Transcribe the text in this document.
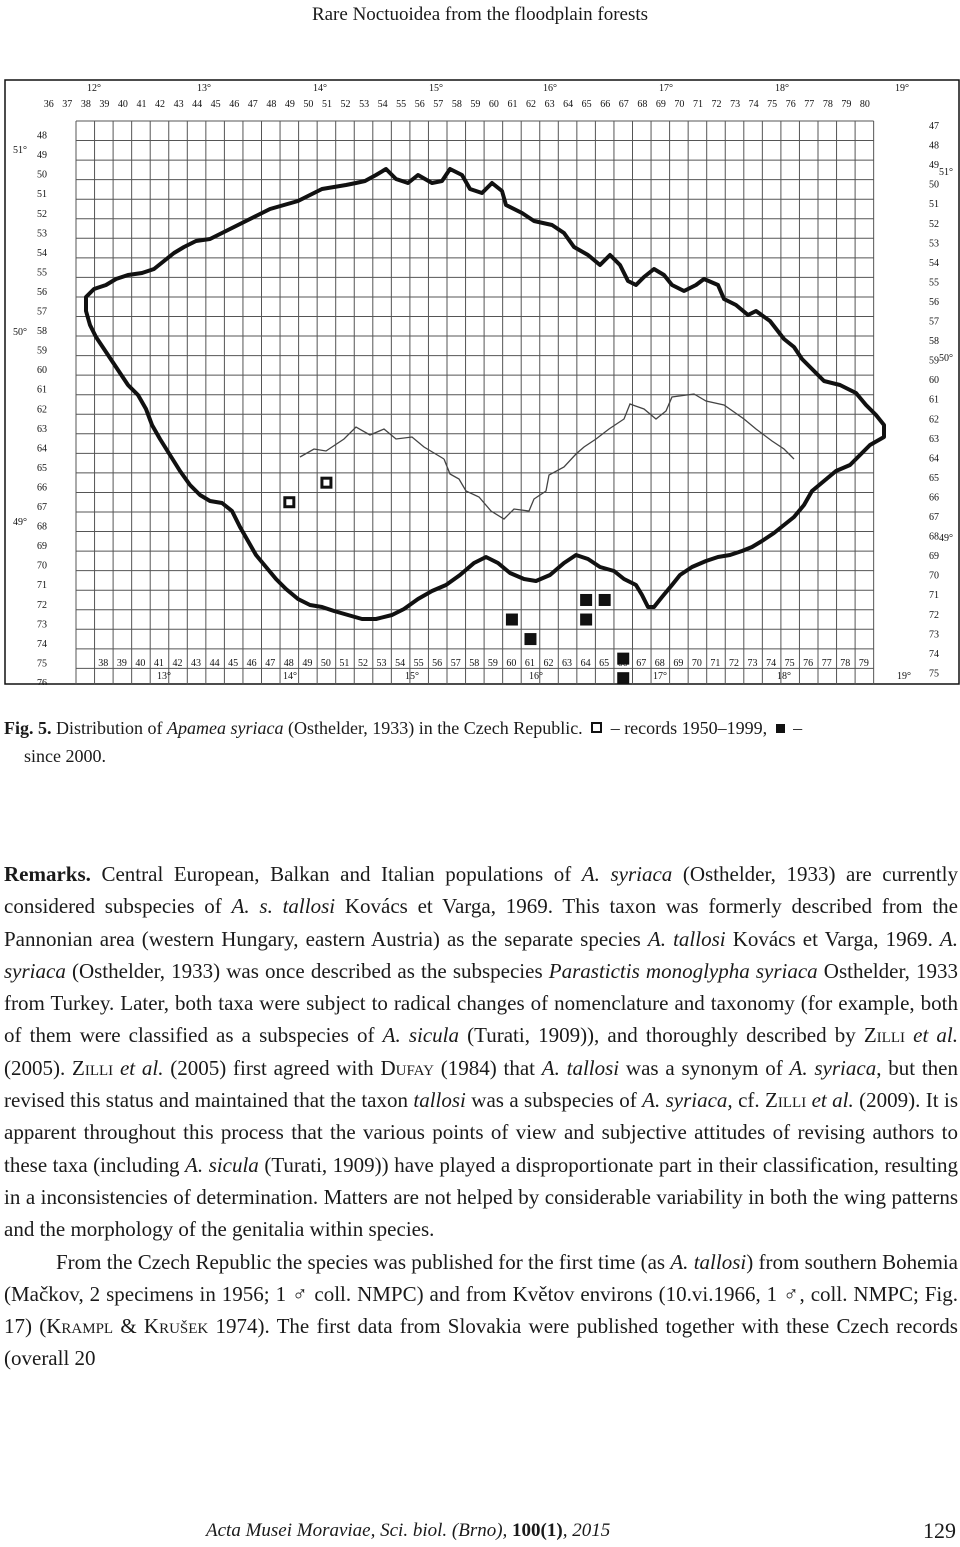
Rare Noctuoidea from the floodplain forests
36 37 38 39 40 41 42 43 44 45 46 47 48 49 50 51 52 53 54 55 56 57 58 59 60 61 62 63 64 65 66 67 68 69 70 71 72 73 74 75 76 77 78 79 80
38 39 40 41 42 43 44 45 46 47 48 49 50 51 52 53 54 55 56 57 58 59 60 61 62 63 64 65 66 67 68 69 70 71 72 73 74 75 76 77 78 79
48
49
50
51
52
53
54
55
56
57
58
59
60
61
62
63
64
65
66
67
68
69
70
71
72
73
74
75
76
47
48
49
50
51
52
53
54
55
56
57
58
59
60
61
62
63
64
65
66
67
68
69
70
71
72
73
74
75
12°	13°	14°	15°	16°	17°	18°	19°
13°	14°	15°	16°	17°	18°	19°
51°
50°
49°
51°
50°
49°
Fig. 5. Distribution of Apamea syriaca (Osthelder, 1933) in the Czech Republic. – records 1950–1999, –
since 2000.

Remarks. Central European, Balkan and Italian populations of A. syriaca (Osthelder, 1933) are currently considered subspecies of A. s. tallosi Kovács et Varga, 1969. This taxon was formerly described from the Pannonian area (western Hungary, eastern Austria) as the separate species A. tallosi Kovács et Varga, 1969. A. syriaca (Osthelder, 1933) was once described as the subspecies Parastictis monoglypha syriaca Osthelder, 1933 from Turkey. Later, both taxa were subject to radical changes of nomenclature and taxonomy (for example, both of them were classified as a subspecies of A. sicula (Turati, 1909)), and thoroughly described by Zilli et al. (2005). Zilli et al. (2005) first agreed with Dufay (1984) that A. tallosi was a synonym of A. syriaca, but then revised this status and maintained that the taxon tallosi was a subspecies of A. syriaca, cf. Zilli et al. (2009). It is apparent throughout this process that the various points of view and subjective attitudes of revising authors to these taxa (including A. sicula (Turati, 1909)) have played a disproportionate part in their classification, resulting in a inconsistencies of determination. Matters are not helped by considerable variability in both the wing patterns and the morphology of the genitalia within species.

From the Czech Republic the species was published for the first time (as A. tallosi) from southern Bohemia (Mačkov, 2 specimens in 1956; 1 ♂ coll. NMPC) and from Květov environs (10.vi.1966, 1 ♂, coll. NMPC; Fig. 17) (Krampl & Krušek 1974). The first data from Slovakia were published together with these Czech records (overall 20

Acta Musei Moraviae, Sci. biol. (Brno), 100(1), 2015	129
